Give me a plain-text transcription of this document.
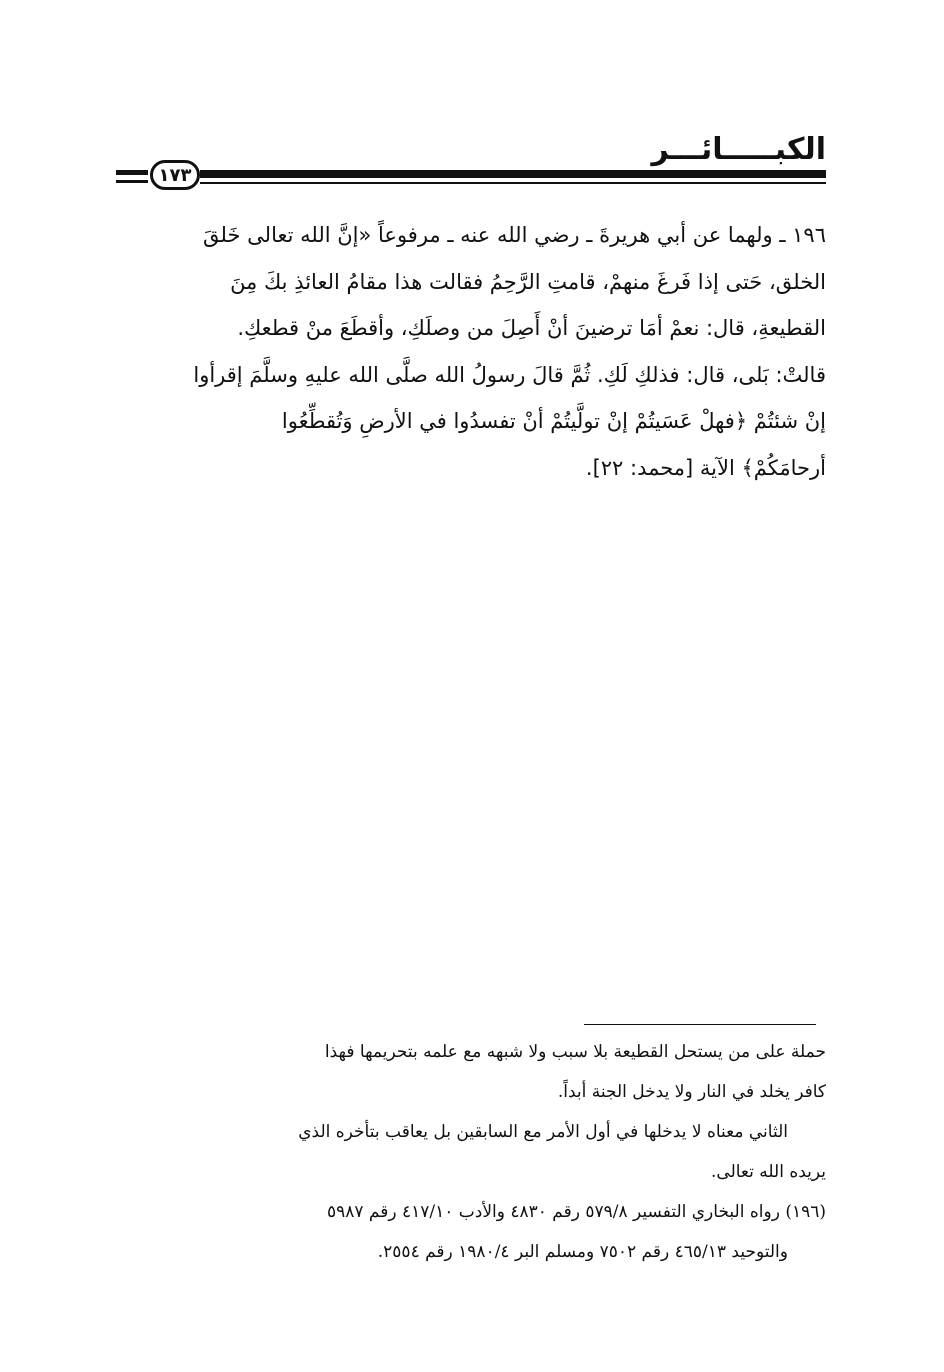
الكبـــــائـــر
١٧٣
١٩٦ ـ ولهما عن أبي هريرةَ ـ رضي الله عنه ـ مرفوعاً «إنَّ الله تعالى خَلقَ
الخلق، حَتى إذا فَرغَ منهمْ، قامتِ الرَّحِمُ فقالت هذا مقامُ العائذِ بكَ مِنَ
القطيعةِ، قال: نعمْ أمَا ترضينَ أنْ أَصِلَ من وصلَكِ، وأقطَعَ منْ قطعكِ.
قالتْ: بَلى، قال: فذلكِ لَكِ. ثُمَّ قالَ رسولُ الله صلَّى الله عليهِ وسلَّمَ إقرأوا
إنْ شئتُمْ ﴿فهلْ عَسَيتُمْ إنْ تولَّيتُمْ أنْ تفسدُوا في الأرضِ وَتُقطِّعُوا
أرحامَكُمْ﴾ الآية [محمد: ٢٢].
حملة على من يستحل القطيعة بلا سبب ولا شبهه مع علمه بتحريمها فهذا
كافر يخلد في النار ولا يدخل الجنة أبداً.
الثاني معناه لا يدخلها في أول الأمر مع السابقين بل يعاقب بتأخره الذي
يريده الله تعالى.
(١٩٦) رواه البخاري التفسير ٥٧٩/٨ رقم ٤٨٣٠ والأدب ٤١٧/١٠ رقم ٥٩٨٧
والتوحيد ٤٦٥/١٣ رقم ٧٥٠٢ ومسلم البر ١٩٨٠/٤ رقم ٢٥٥٤.
